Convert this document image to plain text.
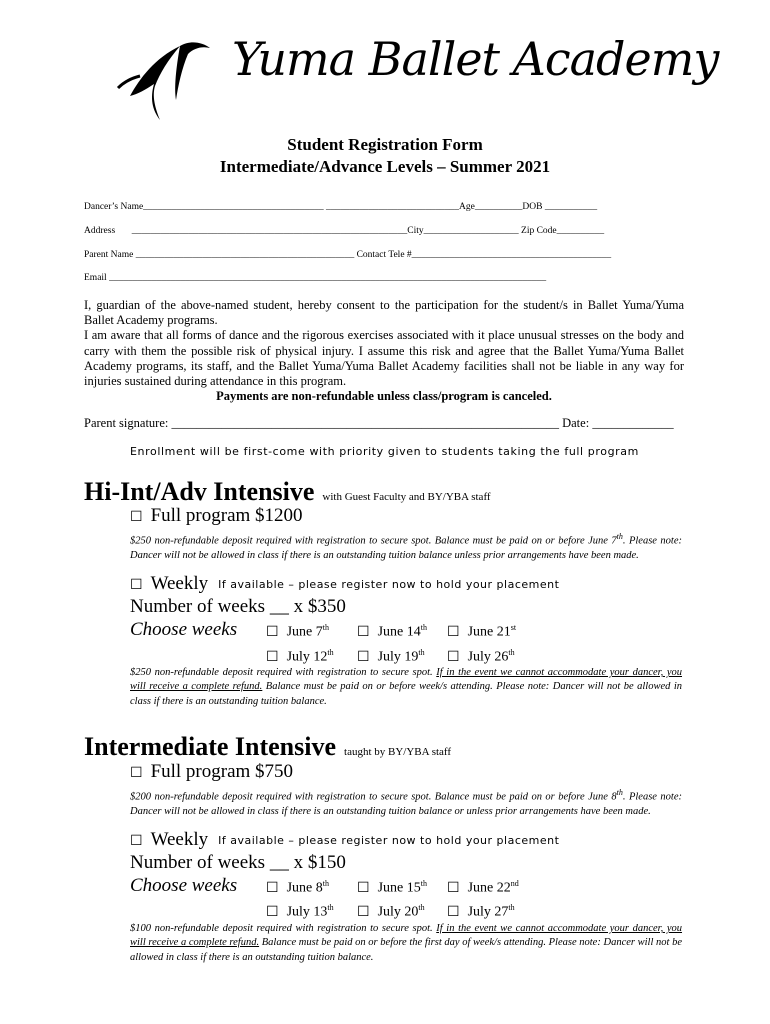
Yuma Ballet Academy
Student Registration Form
Intermediate/Advance Levels – Summer 2021
Dancer’s Name______________________________________ ____________________________Age__________DOB ___________
Address       __________________________________________________________City____________________ Zip Code__________
Parent Name ______________________________________________ Contact Tele #__________________________________________
Email ____________________________________________________________________________________________
I, guardian of the above-named student, hereby consent to the participation for the student/s in Ballet Yuma/Yuma Ballet Academy programs.
I am aware that all forms of dance and the rigorous exercises associated with it place unusual stresses on the body and carry with them the possible risk of physical injury. I assume this risk and agree that the Ballet Yuma/Yuma Ballet Academy programs, its staff, and the Ballet Yuma/Yuma Ballet Academy facilities shall not be liable in any way for injuries sustained during attendance in this program.
Payments are non-refundable unless class/program is canceled.
Parent signature: ______________________________________________________________ Date: _____________
Enrollment will be first-come with priority given to students taking the full program
Hi-Int/Adv Intensive with Guest Faculty and BY/YBA staff
☐ Full program $1200
$250 non-refundable deposit required with registration to secure spot. Balance must be paid on or before June 7th. Please note: Dancer will not be allowed in class if there is an outstanding tuition balance unless prior arrangements have been made.
☐ Weekly If available – please register now to hold your placement
Number of weeks __ x $350
Choose weeks ☐ June 7th ☐ June 14th ☐ June 21st
☐ July 12th ☐ July 19th ☐ July 26th
$250 non-refundable deposit required with registration to secure spot. If in the event we cannot accommodate your dancer, you will receive a complete refund. Balance must be paid on or before week/s attending. Please note: Dancer will not be allowed in class if there is an outstanding tuition balance.
Intermediate Intensive taught by BY/YBA staff
☐ Full program $750
$200 non-refundable deposit required with registration to secure spot. Balance must be paid on or before June 8th. Please note: Dancer will not be allowed in class if there is an outstanding tuition balance or unless prior arrangements have been made.
☐ Weekly If available – please register now to hold your placement
Number of weeks __ x $150
Choose weeks ☐ June 8th ☐ June 15th ☐ June 22nd
☐ July 13th ☐ July 20th ☐ July 27th
$100 non-refundable deposit required with registration to secure spot. If in the event we cannot accommodate your dancer, you will receive a complete refund. Balance must be paid on or before the first day of week/s attending. Please note: Dancer will not be allowed in class if there is an outstanding tuition balance.
